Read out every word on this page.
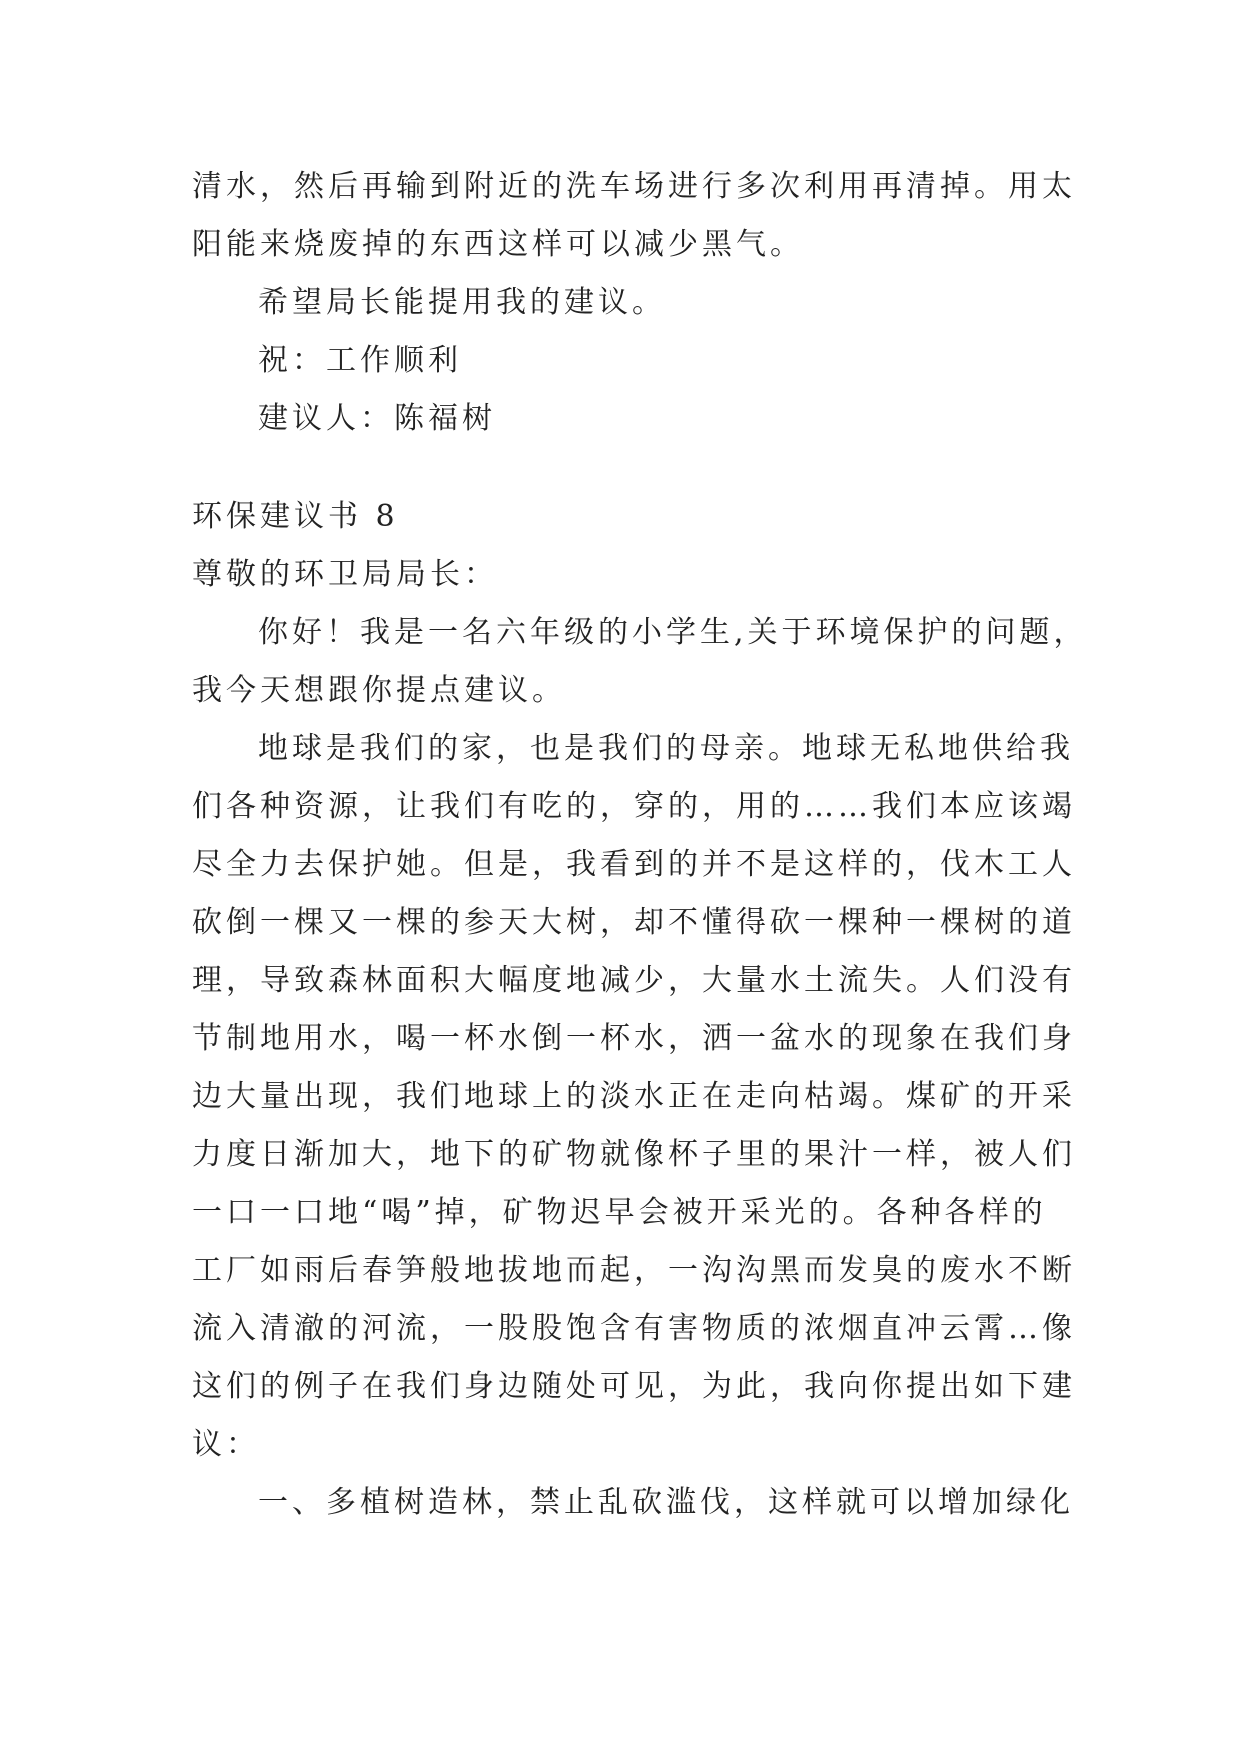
清水，然后再输到附近的洗车场进行多次利用再清掉。用太
阳能来烧废掉的东西这样可以减少黑气。
希望局长能提用我的建议。
祝：工作顺利
建议人：陈福树
环保建议书 8
尊敬的环卫局局长：
你好！我是一名六年级的小学生,关于环境保护的问题，
我今天想跟你提点建议。
地球是我们的家，也是我们的母亲。地球无私地供给我
们各种资源，让我们有吃的，穿的，用的……我们本应该竭
尽全力去保护她。但是，我看到的并不是这样的，伐木工人
砍倒一棵又一棵的参天大树，却不懂得砍一棵种一棵树的道
理，导致森林面积大幅度地减少，大量水土流失。人们没有
节制地用水，喝一杯水倒一杯水，洒一盆水的现象在我们身
边大量出现，我们地球上的淡水正在走向枯竭。煤矿的开采
力度日渐加大，地下的矿物就像杯子里的果汁一样，被人们
一口一口地“喝”掉，矿物迟早会被开采光的。各种各样的
工厂如雨后春笋般地拔地而起，一沟沟黑而发臭的废水不断
流入清澈的河流，一股股饱含有害物质的浓烟直冲云霄…像
这们的例子在我们身边随处可见，为此，我向你提出如下建
议：
一、多植树造林，禁止乱砍滥伐，这样就可以增加绿化
